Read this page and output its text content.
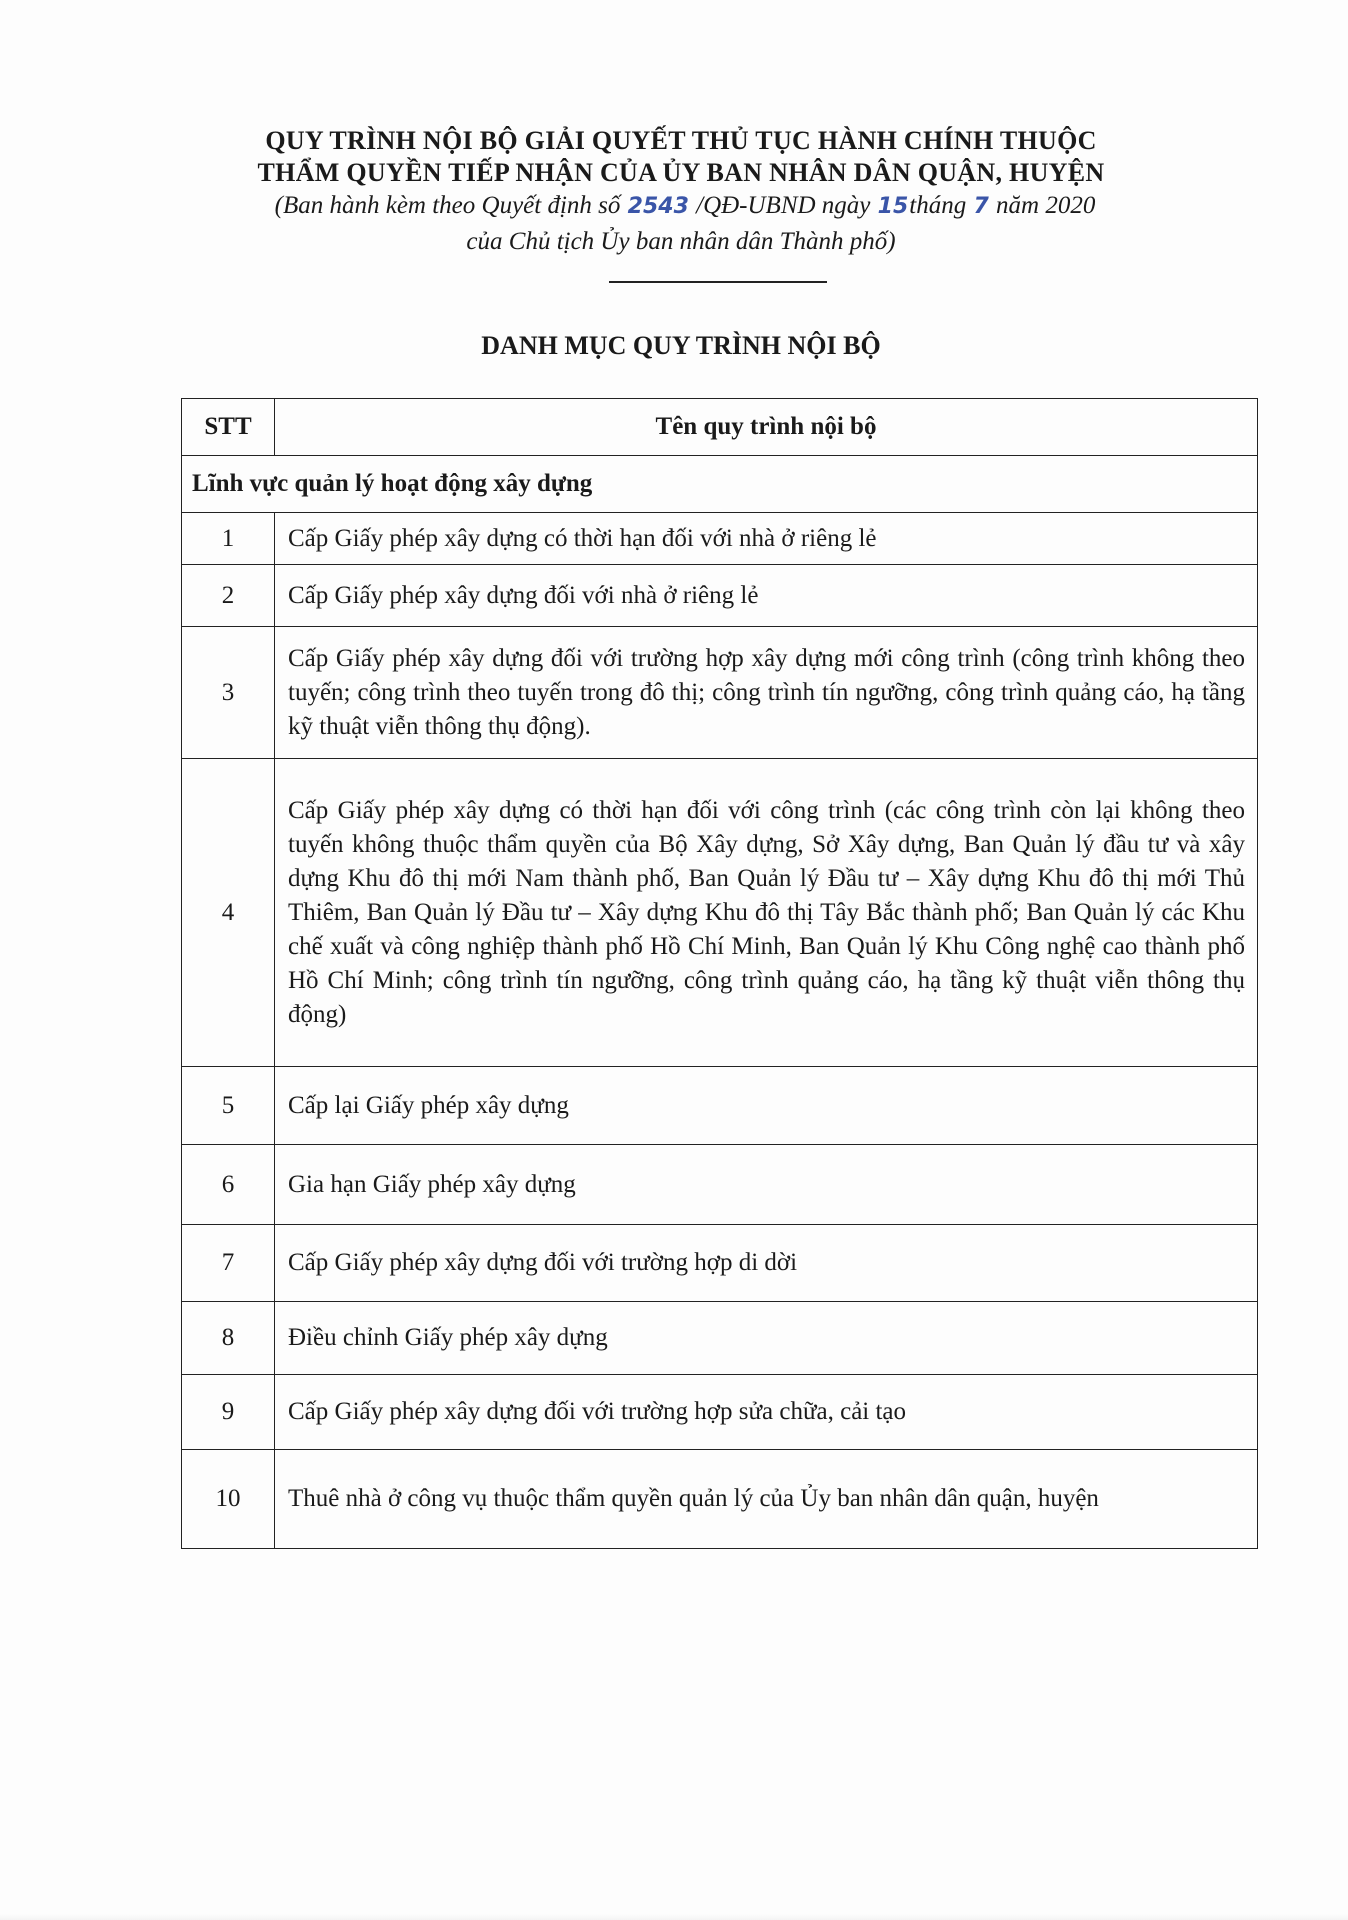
QUY TRÌNH NỘI BỘ GIẢI QUYẾT THỦ TỤC HÀNH CHÍNH THUỘC
THẨM QUYỀN TIẾP NHẬN CỦA ỦY BAN NHÂN DÂN QUẬN, HUYỆN
(Ban hành kèm theo Quyết định số 2543 /QĐ-UBND ngày 15tháng 7 năm 2020
của Chủ tịch Ủy ban nhân dân Thành phố)
DANH MỤC QUY TRÌNH NỘI BỘ
STT	Tên quy trình nội bộ
Lĩnh vực quản lý hoạt động xây dựng	
1	Cấp Giấy phép xây dựng có thời hạn đối với nhà ở riêng lẻ
2	Cấp Giấy phép xây dựng đối với nhà ở riêng lẻ
3	Cấp Giấy phép xây dựng đối với trường hợp xây dựng mới công trình (công trình không theo tuyến; công trình theo tuyến trong đô thị; công trình tín ngưỡng, công trình quảng cáo, hạ tầng kỹ thuật viễn thông thụ động).
4	Cấp Giấy phép xây dựng có thời hạn đối với công trình (các công trình còn lại không theo tuyến không thuộc thẩm quyền của Bộ Xây dựng, Sở Xây dựng, Ban Quản lý đầu tư và xây dựng Khu đô thị mới Nam thành phố, Ban Quản lý Đầu tư – Xây dựng Khu đô thị mới Thủ Thiêm, Ban Quản lý Đầu tư – Xây dựng Khu đô thị Tây Bắc thành phố; Ban Quản lý các Khu chế xuất và công nghiệp thành phố Hồ Chí Minh, Ban Quản lý Khu Công nghệ cao thành phố Hồ Chí Minh; công trình tín ngưỡng, công trình quảng cáo, hạ tầng kỹ thuật viễn thông thụ động)
5	Cấp lại Giấy phép xây dựng
6	Gia hạn Giấy phép xây dựng
7	Cấp Giấy phép xây dựng đối với trường hợp di dời
8	Điều chỉnh Giấy phép xây dựng
9	Cấp Giấy phép xây dựng đối với trường hợp sửa chữa, cải tạo
10	Thuê nhà ở công vụ thuộc thẩm quyền quản lý của Ủy ban nhân dân quận, huyện
